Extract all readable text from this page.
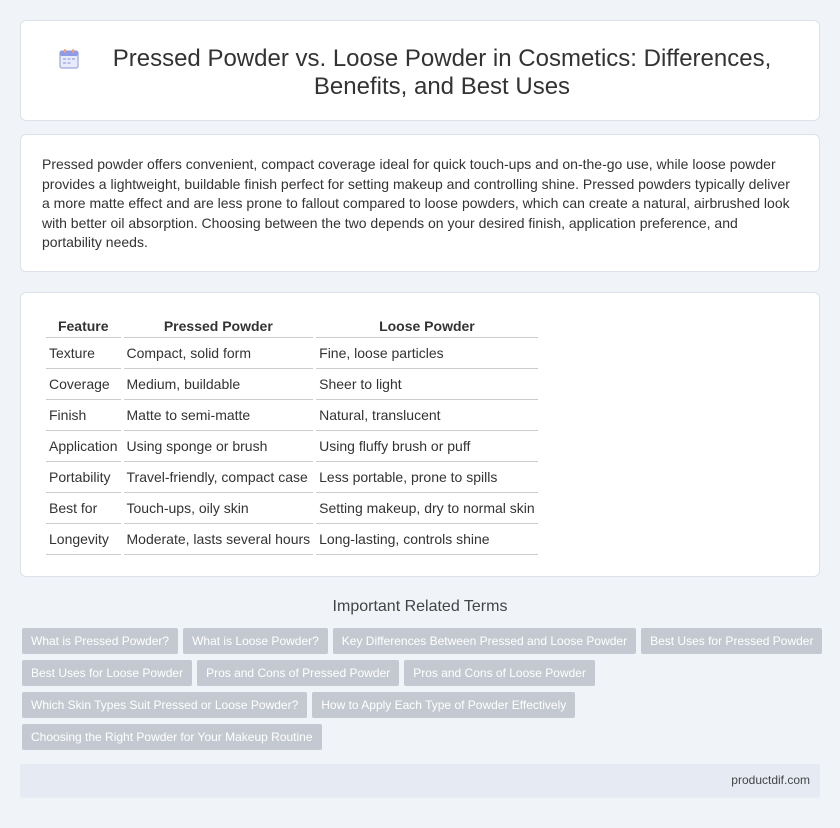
Pressed Powder vs. Loose Powder in Cosmetics: Differences, Benefits, and Best Uses

Pressed powder offers convenient, compact coverage ideal for quick touch-ups and on-the-go use, while loose powder provides a lightweight, buildable finish perfect for setting makeup and controlling shine. Pressed powders typically deliver a more matte effect and are less prone to fallout compared to loose powders, which can create a natural, airbrushed look with better oil absorption. Choosing between the two depends on your desired finish, application preference, and portability needs.

Feature	Pressed Powder	Loose Powder
Texture	Compact, solid form	Fine, loose particles
Coverage	Medium, buildable	Sheer to light
Finish	Matte to semi-matte	Natural, translucent
Application	Using sponge or brush	Using fluffy brush or puff
Portability	Travel-friendly, compact case	Less portable, prone to spills
Best for	Touch-ups, oily skin	Setting makeup, dry to normal skin
Longevity	Moderate, lasts several hours	Long-lasting, controls shine
Important Related Terms
What is Pressed Powder? What is Loose Powder? Key Differences Between Pressed and Loose Powder Best Uses for Pressed Powder
Best Uses for Loose Powder Pros and Cons of Pressed Powder Pros and Cons of Loose Powder
Which Skin Types Suit Pressed or Loose Powder? How to Apply Each Type of Powder Effectively
Choosing the Right Powder for Your Makeup Routine
productdif.com
